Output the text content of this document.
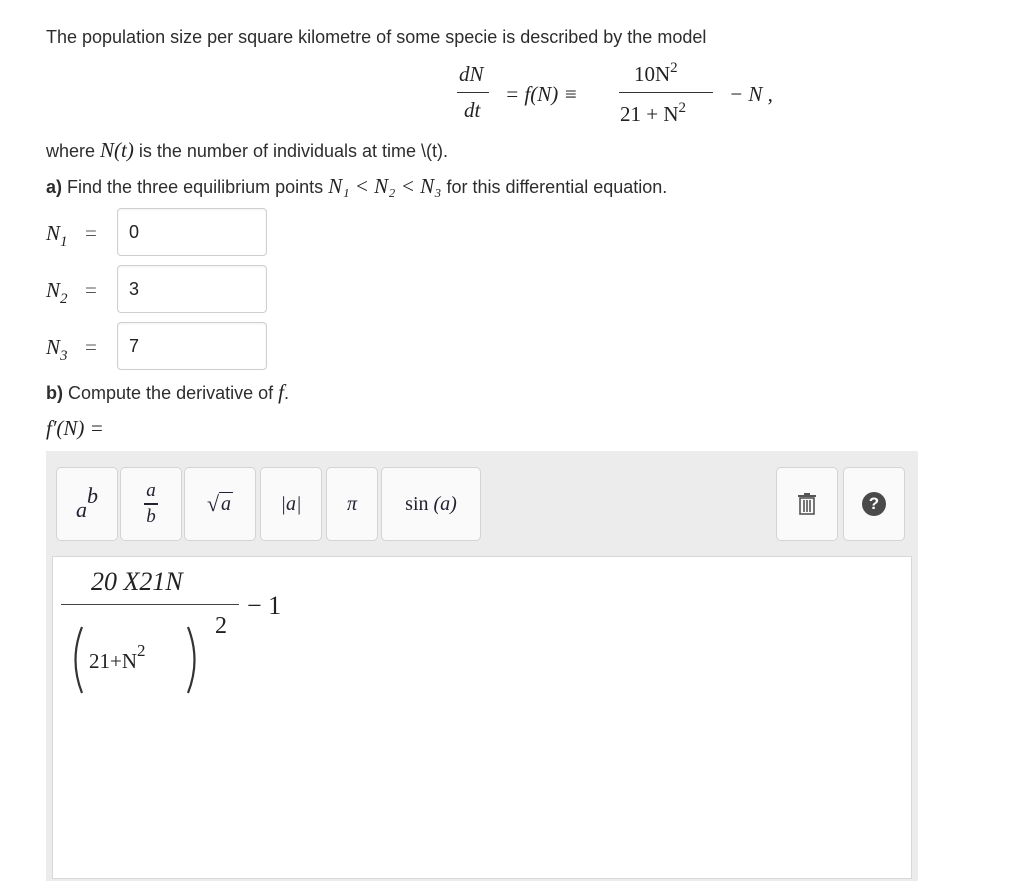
The population size per square kilometre of some specie is described by the model
dN
dt
= f(N) ≡
$10N^2$
$21 + N^2$
− N ,
where N(t) is the number of individuals at time \(t).
a) Find the three equilibrium points N₁ < N₂ < N₃ for this differential equation.
$N_1$ =	0
$N_2$ =	3
$N_3$ =	7
b) Compute the derivative of f.
f′(N) =
a
b	a
b
√ a	|a|	π	sin
(a)	?
20 X21N
− 1
$21+N^2$
2
